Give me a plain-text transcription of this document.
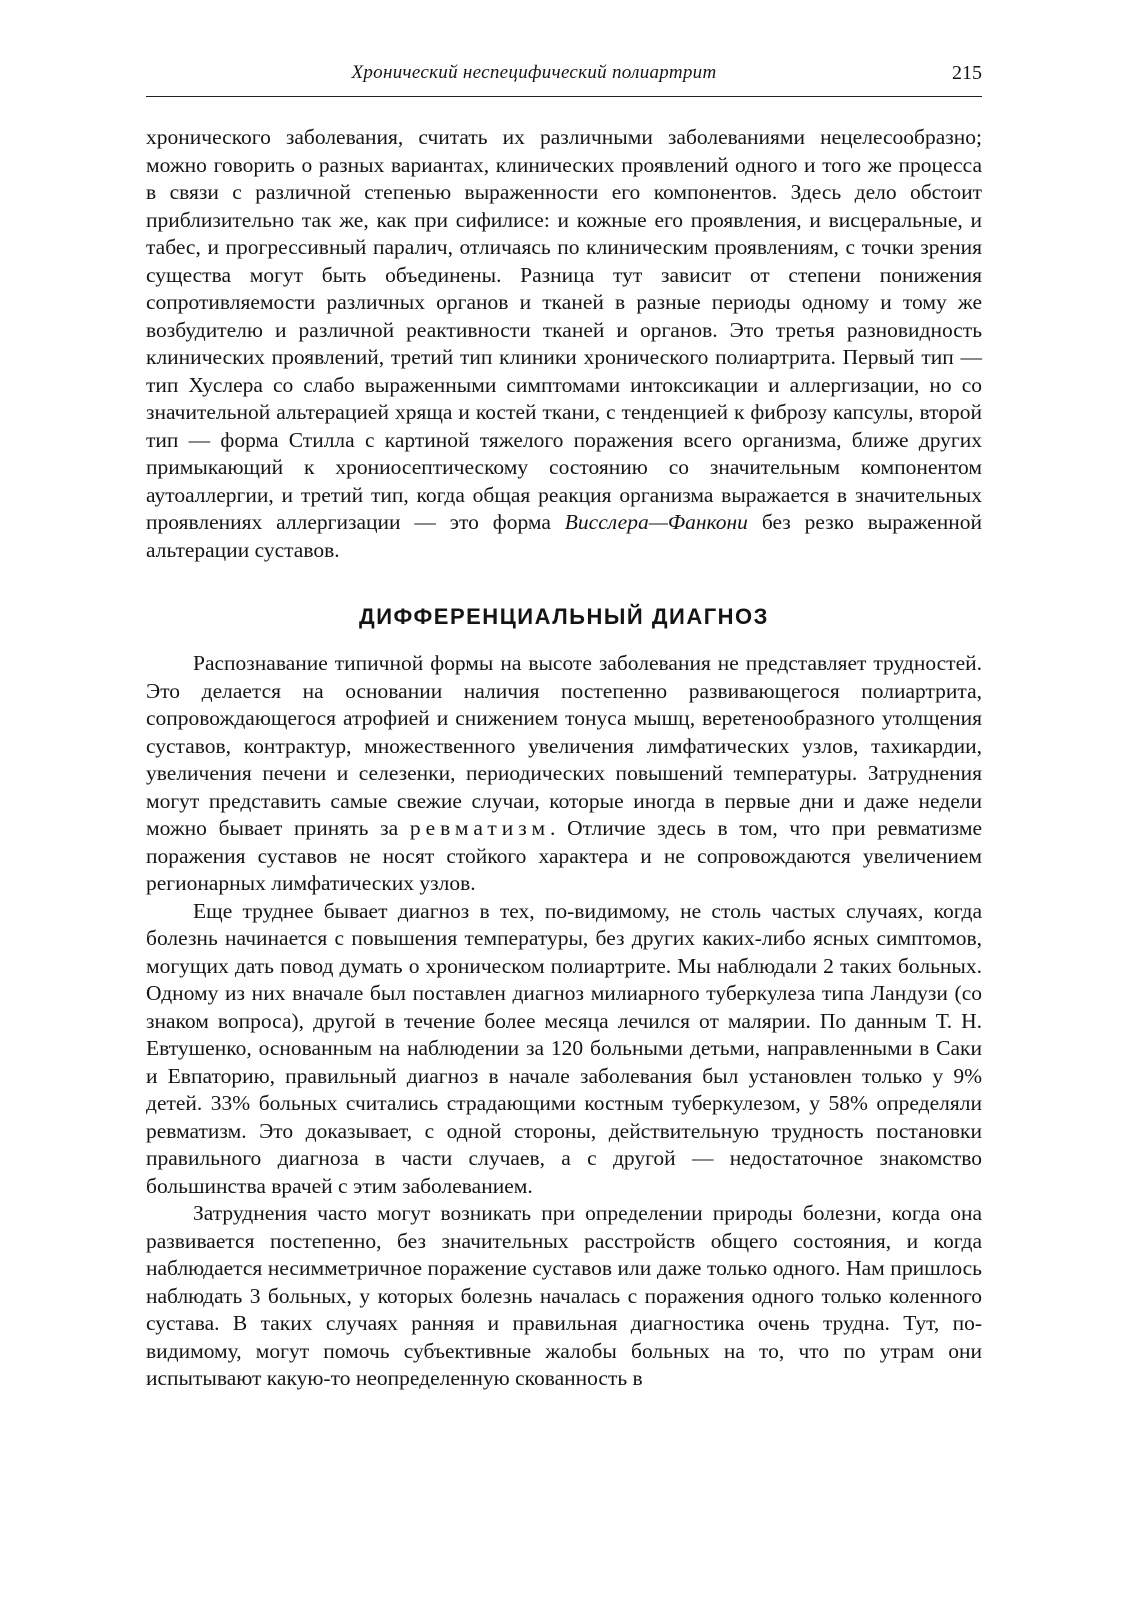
Хронический неспецифический полиартрит	215

хронического заболевания, считать их различными заболеваниями нецелесообразно; можно говорить о разных вариантах, клинических проявлений одного и того же процесса в связи с различной степенью выраженности его компонентов. Здесь дело обстоит приблизительно так же, как при сифилисе: и кожные его проявления, и висцеральные, и табес, и прогрессивный паралич, отличаясь по клиническим проявлениям, с точки зрения существа могут быть объединены. Разница тут зависит от степени понижения сопротивляемости различных органов и тканей в разные периоды одному и тому же возбудителю и различной реактивности тканей и органов. Это третья разновидность клинических проявлений, третий тип клиники хронического полиартрита. Первый тип — тип Хуслера со слабо выраженными симптомами интоксикации и аллергизации, но со значительной альтерацией хряща и костей ткани, с тенденцией к фиброзу капсулы, второй тип — форма Стилла с картиной тяжелого поражения всего организма, ближе других примыкающий к хрониосептическому состоянию со значительным компонентом аутоаллергии, и третий тип, когда общая реакция организма выражается в значительных проявлениях аллергизации — это форма Висслера—Фанкони без резко выраженной альтерации суставов.

ДИФФЕРЕНЦИАЛЬНЫЙ ДИАГНОЗ

Распознавание типичной формы на высоте заболевания не представляет трудностей. Это делается на основании наличия постепенно развивающегося полиартрита, сопровождающегося атрофией и снижением тонуса мышц, веретенообразного утолщения суставов, контрактур, множественного увеличения лимфатических узлов, тахикардии, увеличения печени и селезенки, периодических повышений температуры. Затруднения могут представить самые свежие случаи, которые иногда в первые дни и даже недели можно бывает принять за ревматизм. Отличие здесь в том, что при ревматизме поражения суставов не носят стойкого характера и не сопровождаются увеличением регионарных лимфатических узлов.

Еще труднее бывает диагноз в тех, по-видимому, не столь частых случаях, когда болезнь начинается с повышения температуры, без других каких-либо ясных симптомов, могущих дать повод думать о хроническом полиартрите. Мы наблюдали 2 таких больных. Одному из них вначале был поставлен диагноз милиарного туберкулеза типа Ландузи (со знаком вопроса), другой в течение более месяца лечился от малярии. По данным Т. Н. Евтушенко, основанным на наблюдении за 120 больными детьми, направленными в Саки и Евпаторию, правильный диагноз в начале заболевания был установлен только у 9% детей. 33% больных считались страдающими костным туберкулезом, у 58% определяли ревматизм. Это доказывает, с одной стороны, действительную трудность постановки правильного диагноза в части случаев, а с другой — недостаточное знакомство большинства врачей с этим заболеванием.

Затруднения часто могут возникать при определении природы болезни, когда она развивается постепенно, без значительных расстройств общего состояния, и когда наблюдается несимметричное поражение суставов или даже только одного. Нам пришлось наблюдать 3 больных, у которых болезнь началась с поражения одного только коленного сустава. В таких случаях ранняя и правильная диагностика очень трудна. Тут, по-видимому, могут помочь субъективные жалобы больных на то, что по утрам они испытывают какую-то неопределенную скованность в
